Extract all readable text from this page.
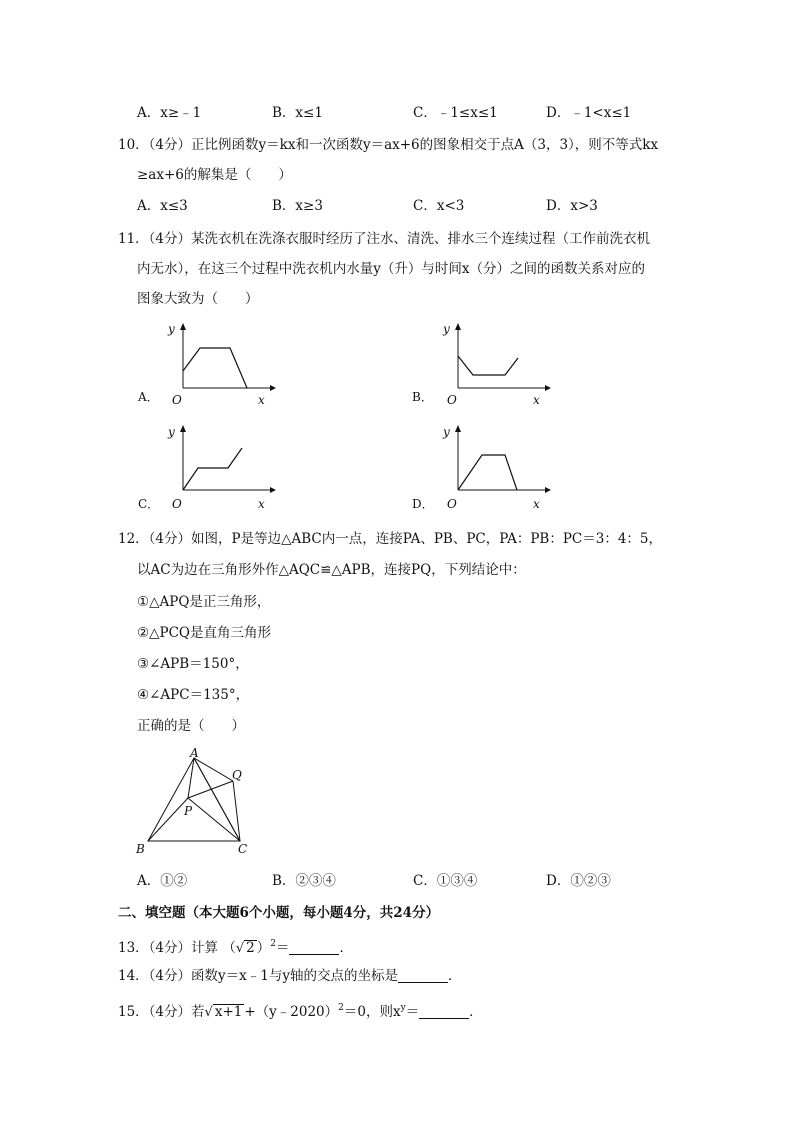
A．x≥﹣1	B．x≤1	C．﹣1≤x≤1	D．﹣1<x≤1
10．（4分）正比例函数y＝kx和一次函数y＝ax+6的图象相交于点A（3，3），则不等式kx
≥ax+6的解集是（　　）
A．x≤3	B．x≥3	C．x<3	D．x>3
11．（4分）某洗衣机在洗涤衣服时经历了注水、清洗、排水三个连续过程（工作前洗衣机
内无水），在这三个过程中洗衣机内水量y（升）与时间x（分）之间的函数关系对应的
图象大致为（　　）
A．
y
O	x	B．
y
O	x
C．
y
O	x	D．
y
O	x
12．（4分）如图，P是等边△ABC内一点，连接PA、PB、PC，PA：PB：PC＝3：4：5，
以AC为边在三角形外作△AQC≌△APB，连接PQ，下列结论中：
①△APQ是正三角形，
②△PCQ是直角三角形
③∠APB＝150°，
④∠APC＝135°，
正确的是（　　）
A
B	C
P
Q
A．①②	B．②③④	C．①③④	D．①②③
二、填空题（本大题6个小题，每小题4分，共24分）
13．（4分）计算 （√ 2 ）$^2$＝	．
14．（4分）函数y＝x﹣1与y轴的交点的坐标是	．
15．（4分）若√ x+1 +（y﹣2020）$^2$＝0，则$x^y=$	．
